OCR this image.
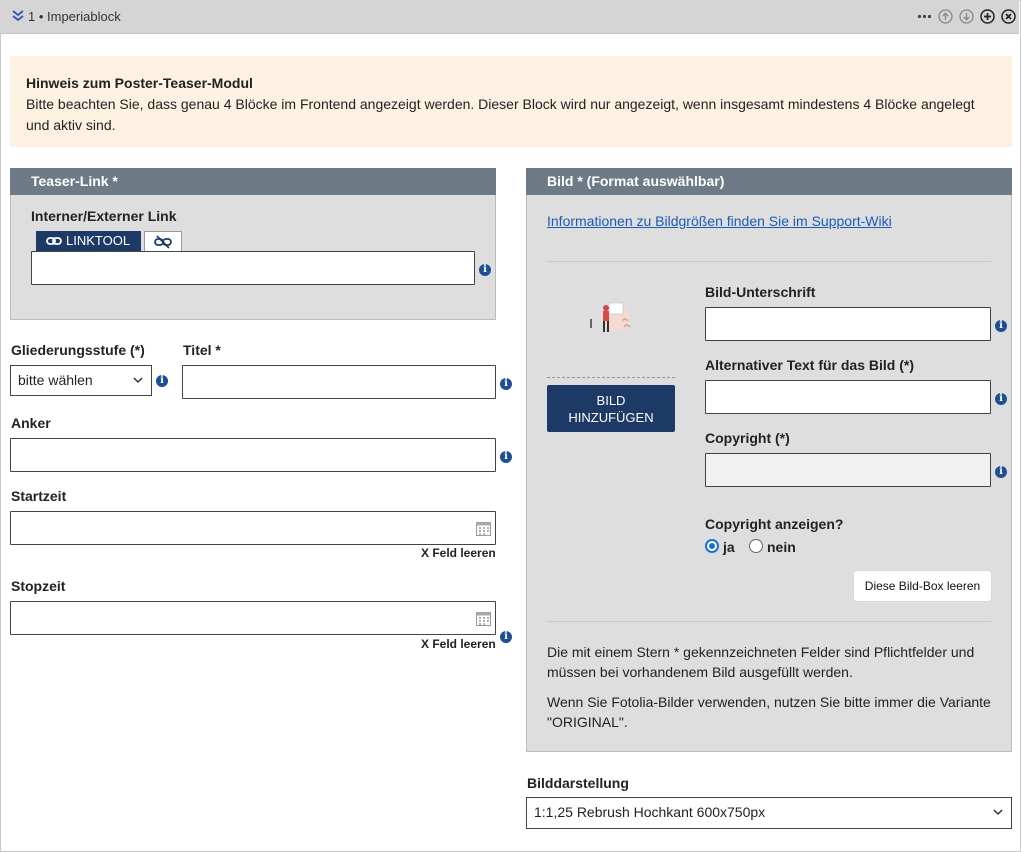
1 • Imperiablock
Hinweis zum Poster-Teaser-Modul
Bitte beachten Sie, dass genau 4 Blöcke im Frontend angezeigt werden. Dieser Block wird nur angezeigt, wenn insgesamt mindestens 4 Blöcke angelegt und aktiv sind.
Teaser-Link *
Interner/Externer Link
LINKTOOL
i
Gliederungsstufe (*)
bitte wählen	i
Titel *
i
Anker
i
Startzeit
X Feld leeren
Stopzeit
X Feld leeren
i
Bild * (Format auswählbar)
Informationen zu Bildgrößen finden Sie im Support-Wiki
BILD HINZUFÜGEN
Bild-Unterschrift
i
Alternativer Text für das Bild (*)
i
Copyright (*)
i
Copyright anzeigen?
ja nein
Diese Bild-Box leeren
Die mit einem Stern * gekennzeichneten Felder sind Pflichtfelder und müssen bei vorhandenem Bild ausgefüllt werden.
Wenn Sie Fotolia-Bilder verwenden, nutzen Sie bitte immer die Variante "ORIGINAL".
Bilddarstellung
1:1,25 Rebrush Hochkant 600x750px
